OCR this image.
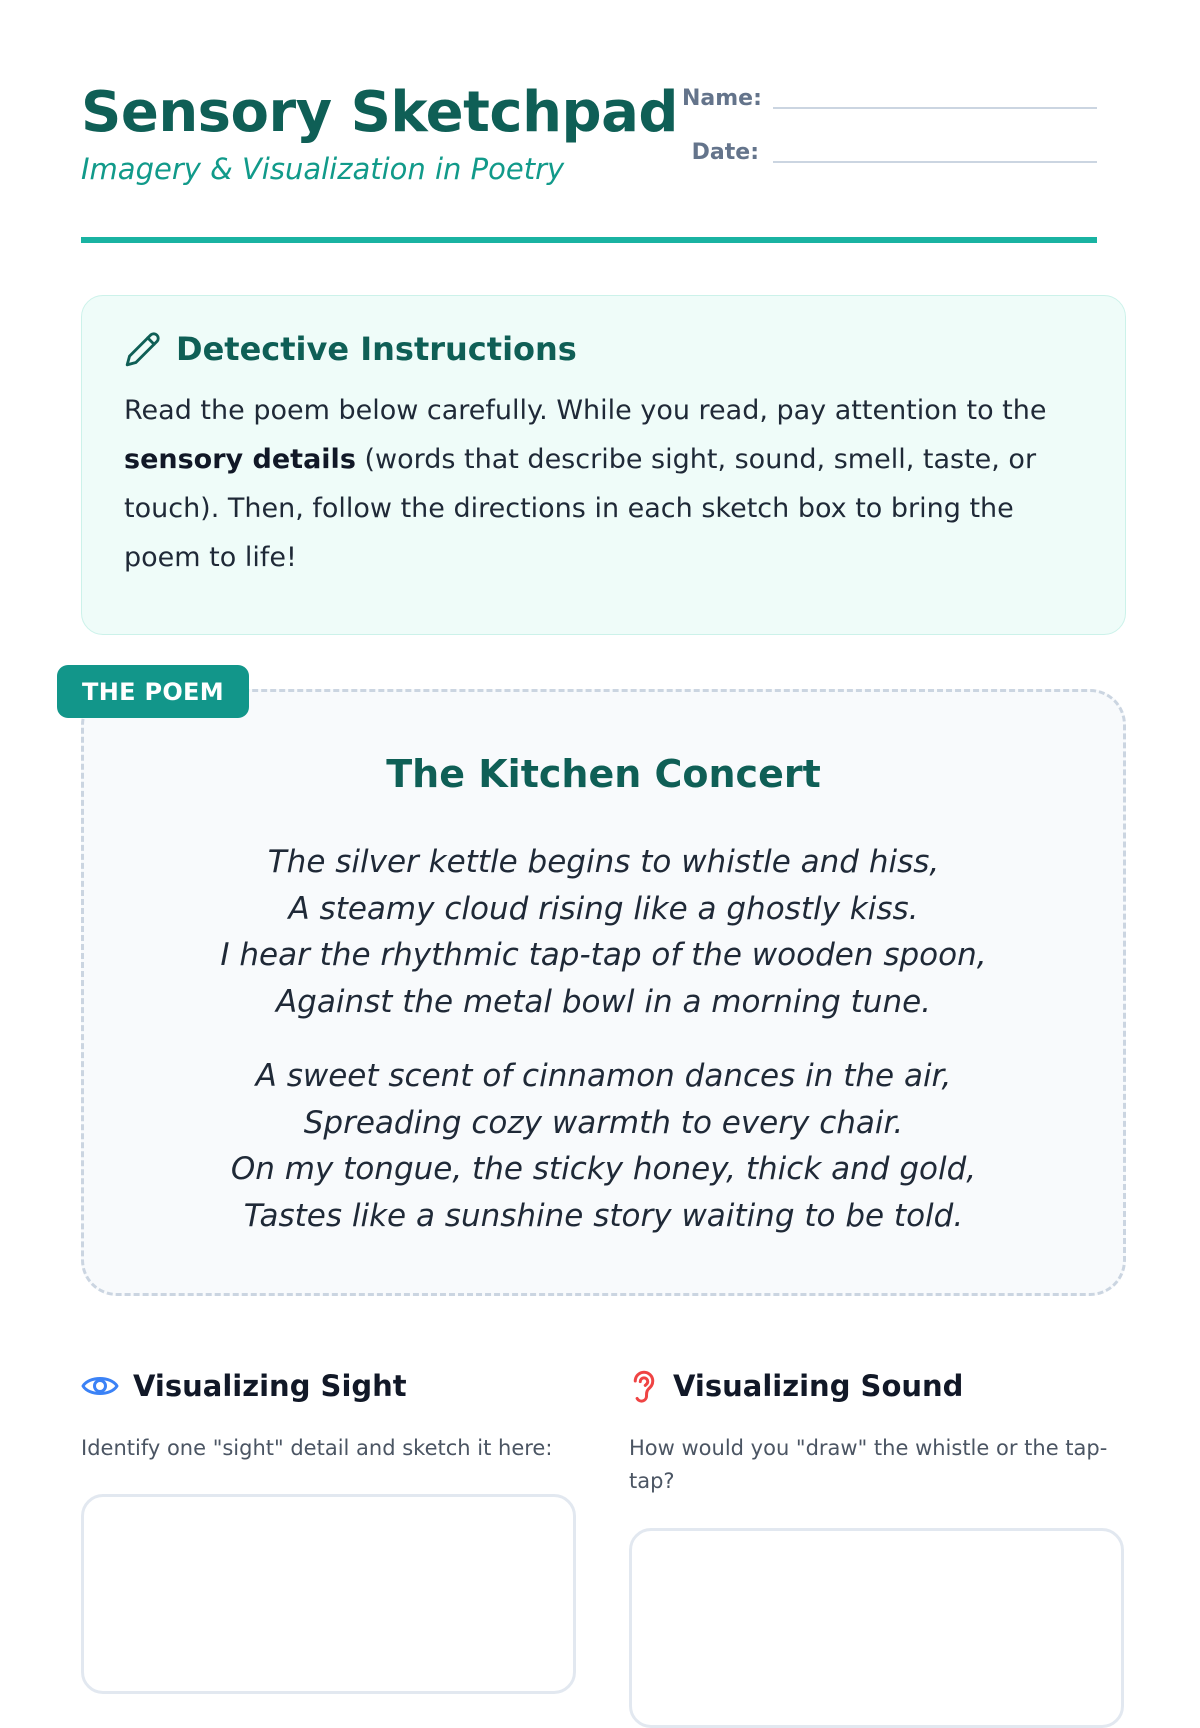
Sensory Sketchpad
Imagery & Visualization in Poetry
Name:
Date:
Detective Instructions
Read the poem below carefully. While you read, pay attention to the sensory details (words that describe sight, sound, smell, taste, or touch). Then, follow the directions in each sketch box to bring the poem to life!
The Kitchen Concert
The silver kettle begins to whistle and hiss,
A steamy cloud rising like a ghostly kiss.
I hear the rhythmic tap-tap of the wooden spoon,
Against the metal bowl in a morning tune.
A sweet scent of cinnamon dances in the air,
Spreading cozy warmth to every chair.
On my tongue, the sticky honey, thick and gold,
Tastes like a sunshine story waiting to be told.
THE POEM
Visualizing Sight
Identify one "sight" detail and sketch it here:
Visualizing Sound
How would you "draw" the whistle or the tap-tap?
